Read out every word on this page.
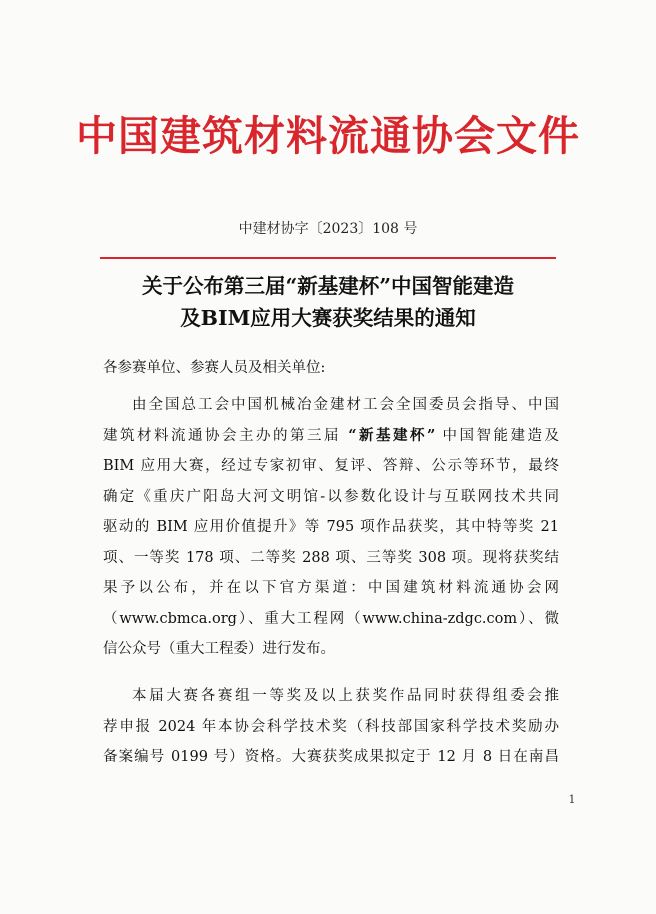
中国建筑材料流通协会文件
中建材协字〔2023〕108 号
关于公布第三届“新基建杯”中国智能建造
及BIM应用大赛获奖结果的通知
各参赛单位、参赛人员及相关单位:
由全国总工会中国机械冶金建材工会全国委员会指导、中国
建筑材料流通协会主办的第三届 “新基建杯” 中国智能建造及
BIM 应用大赛，经过专家初审、复评、答辩、公示等环节，最终
确定《重庆广阳岛大河文明馆-以参数化设计与互联网技术共同
驱动的 BIM 应用价值提升》等 795 项作品获奖，其中特等奖 21
项、一等奖 178 项、二等奖 288 项、三等奖 308 项。现将获奖结
果予以公布，并在以下官方渠道：中国建筑材料流通协会网
（www.cbmca.org）、重大工程网（www.china-zdgc.com）、微
信公众号（重大工程委）进行发布。
本届大赛各赛组一等奖及以上获奖作品同时获得组委会推
荐申报 2024 年本协会科学技术奖（科技部国家科学技术奖励办
备案编号 0199 号）资格。大赛获奖成果拟定于 12 月 8 日在南昌
1
